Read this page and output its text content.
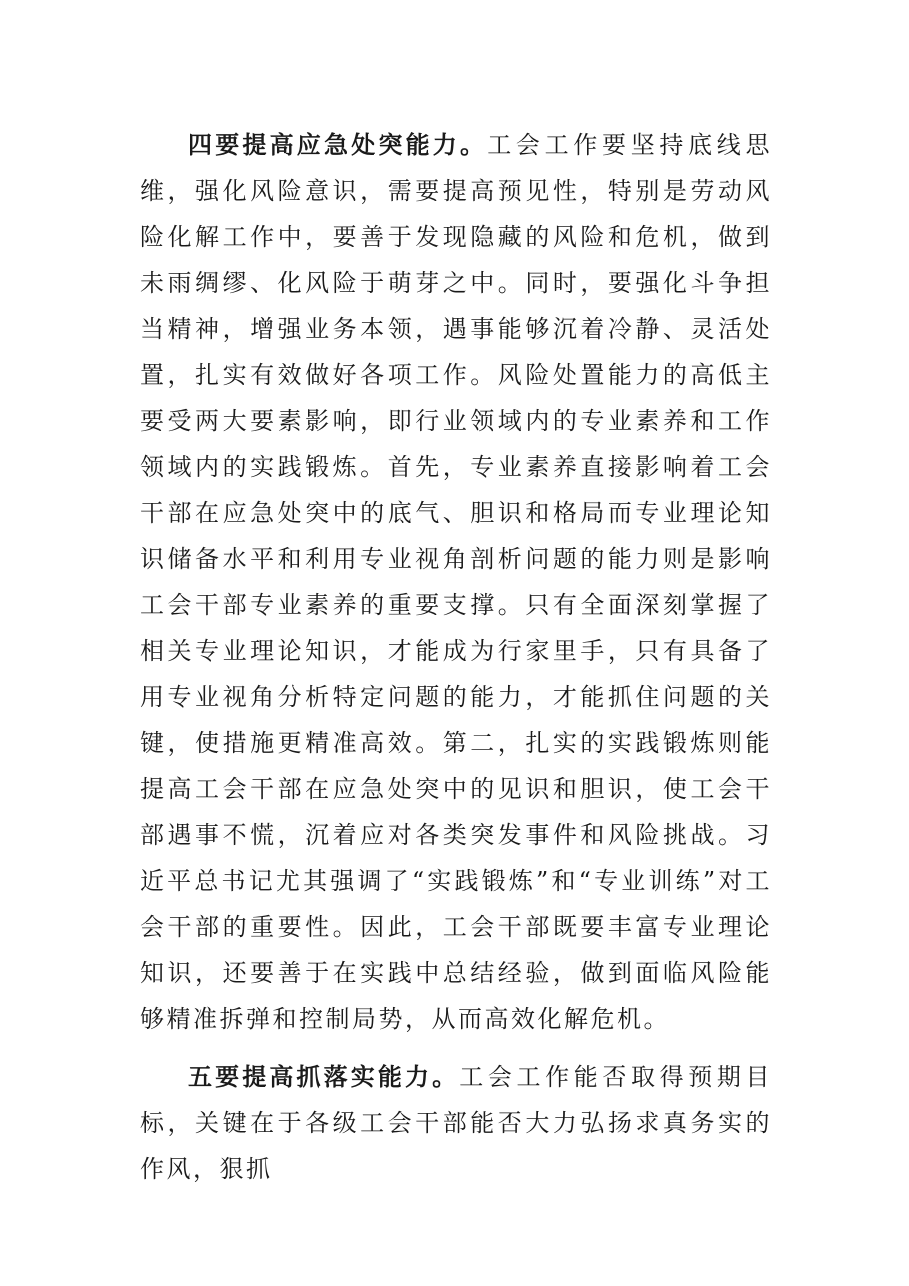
四要提高应急处突能力。工会工作要坚持底线思维，强化风险意识，需要提高预见性，特别是劳动风险化解工作中，要善于发现隐藏的风险和危机，做到未雨绸缪、化风险于萌芽之中。同时，要强化斗争担当精神，增强业务本领，遇事能够沉着冷静、灵活处置，扎实有效做好各项工作。风险处置能力的高低主要受两大要素影响，即行业领域内的专业素养和工作领域内的实践锻炼。首先，专业素养直接影响着工会干部在应急处突中的底气、胆识和格局而专业理论知识储备水平和利用专业视角剖析问题的能力则是影响工会干部专业素养的重要支撑。只有全面深刻掌握了相关专业理论知识，才能成为行家里手，只有具备了用专业视角分析特定问题的能力，才能抓住问题的关键，使措施更精准高效。第二，扎实的实践锻炼则能提高工会干部在应急处突中的见识和胆识，使工会干部遇事不慌，沉着应对各类突发事件和风险挑战。习近平总书记尤其强调了“实践锻炼”和“专业训练”对工会干部的重要性。因此，工会干部既要丰富专业理论知识，还要善于在实践中总结经验，做到面临风险能够精准拆弹和控制局势，从而高效化解危机。

五要提高抓落实能力。工会工作能否取得预期目标，关键在于各级工会干部能否大力弘扬求真务实的作风，狠抓
